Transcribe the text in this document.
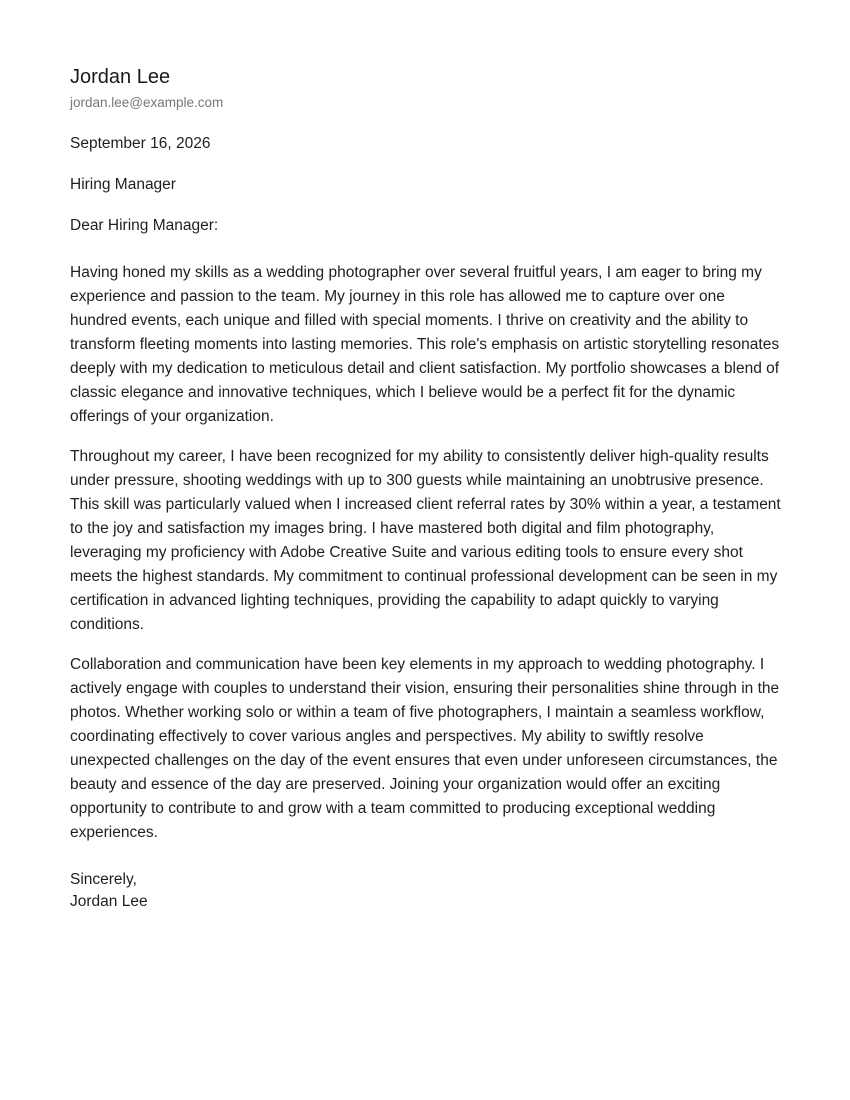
Jordan Lee
jordan.lee@example.com
September 16, 2026
Hiring Manager
Dear Hiring Manager:

Having honed my skills as a wedding photographer over several fruitful years, I am eager to bring my experience and passion to the team. My journey in this role has allowed me to capture over one hundred events, each unique and filled with special moments. I thrive on creativity and the ability to transform fleeting moments into lasting memories. This role's emphasis on artistic storytelling resonates deeply with my dedication to meticulous detail and client satisfaction. My portfolio showcases a blend of classic elegance and innovative techniques, which I believe would be a perfect fit for the dynamic offerings of your organization.

Throughout my career, I have been recognized for my ability to consistently deliver high-quality results under pressure, shooting weddings with up to 300 guests while maintaining an unobtrusive presence. This skill was particularly valued when I increased client referral rates by 30% within a year, a testament to the joy and satisfaction my images bring. I have mastered both digital and film photography, leveraging my proficiency with Adobe Creative Suite and various editing tools to ensure every shot meets the highest standards. My commitment to continual professional development can be seen in my certification in advanced lighting techniques, providing the capability to adapt quickly to varying conditions.

Collaboration and communication have been key elements in my approach to wedding photography. I actively engage with couples to understand their vision, ensuring their personalities shine through in the photos. Whether working solo or within a team of five photographers, I maintain a seamless workflow, coordinating effectively to cover various angles and perspectives. My ability to swiftly resolve unexpected challenges on the day of the event ensures that even under unforeseen circumstances, the beauty and essence of the day are preserved. Joining your organization would offer an exciting opportunity to contribute to and grow with a team committed to producing exceptional wedding experiences.

Sincerely,
Jordan Lee
